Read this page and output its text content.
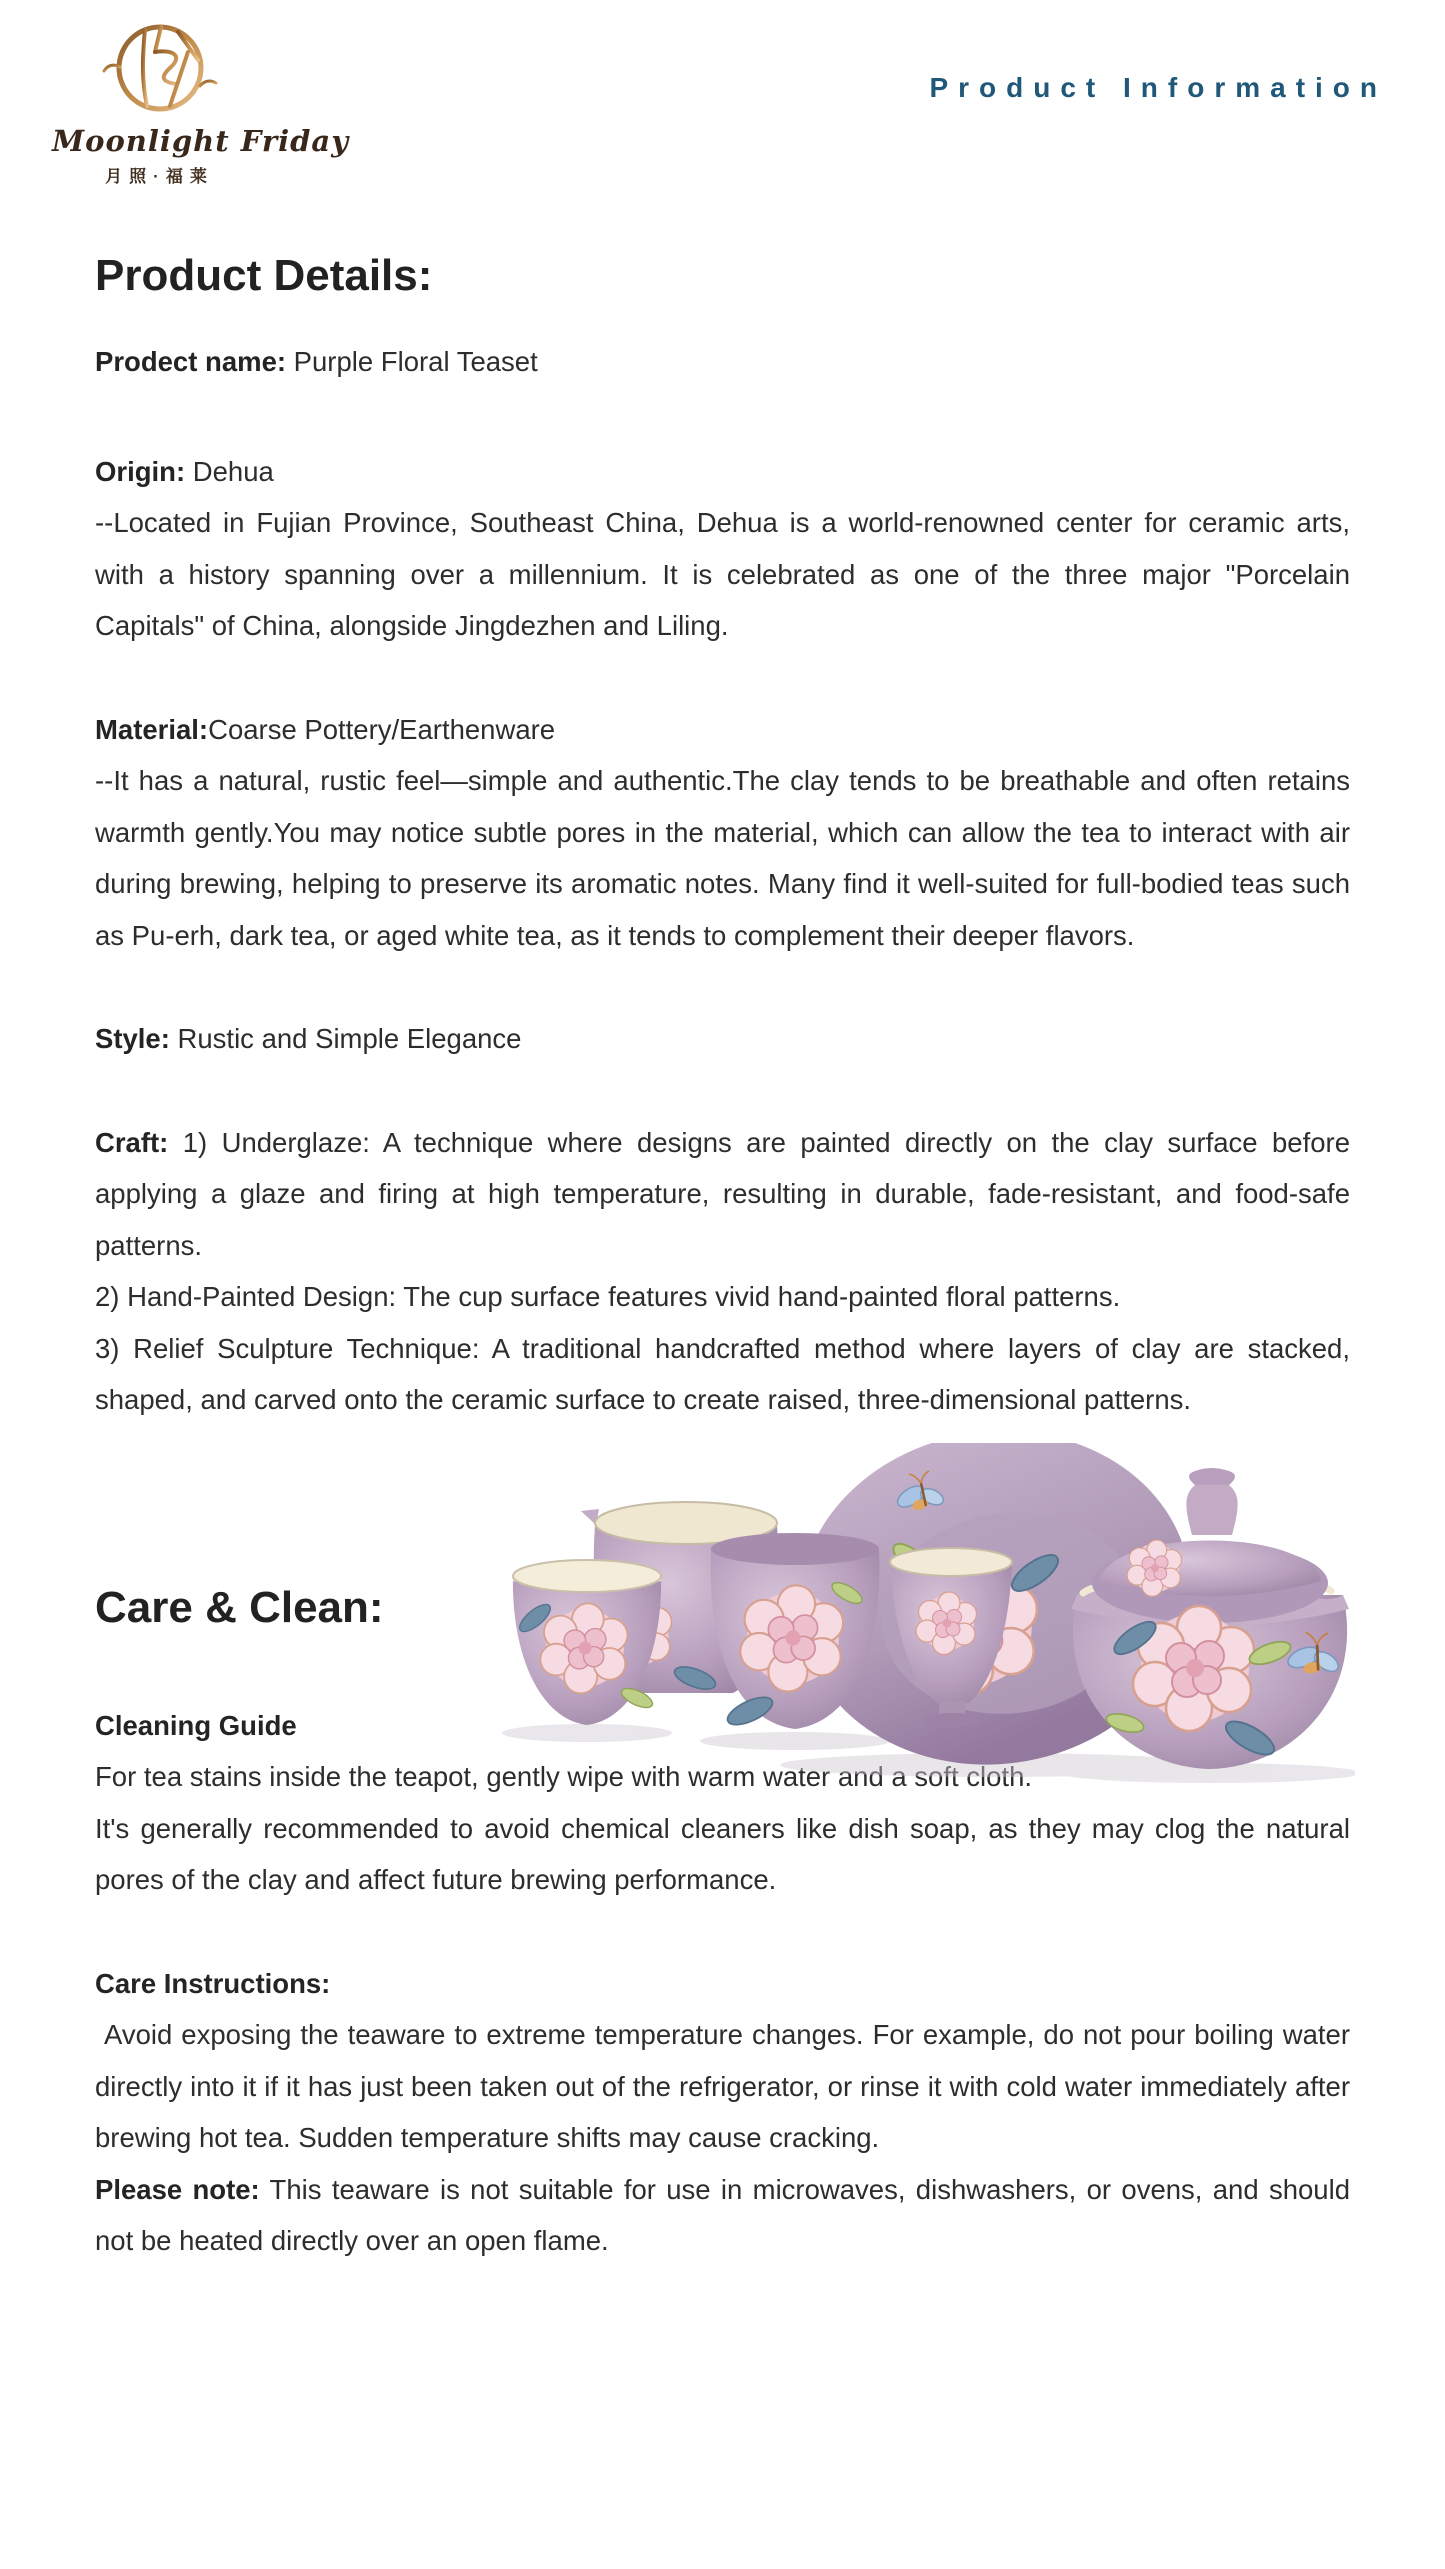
Moonlight Friday
月照·福莱
Product Information
Product Details:

Prodect name: Purple Floral Teaset

Origin: Dehua

--Located in Fujian Province, Southeast China, Dehua is a world-renowned center for ceramic arts, with a history spanning over a millennium. It is celebrated as one of the three major "Porcelain Capitals" of China, alongside Jingdezhen and Liling.

Material:Coarse Pottery/Earthenware

--It has a natural, rustic feel—simple and authentic.The clay tends to be breathable and often retains warmth gently.You may notice subtle pores in the material, which can allow the tea to interact with air during brewing, helping to preserve its aromatic notes. Many find it well-suited for full-bodied teas such as Pu-erh, dark tea, or aged white tea, as it tends to complement their deeper flavors.

Style: Rustic and Simple Elegance

Craft: 1) Underglaze: A technique where designs are painted directly on the clay surface before applying a glaze and firing at high temperature, resulting in durable, fade-resistant, and food-safe patterns.

2) Hand-Painted Design: The cup surface features vivid hand-painted floral patterns.

3) Relief Sculpture Technique: A traditional handcrafted method where layers of clay are stacked, shaped, and carved onto the ceramic surface to create raised, three-dimensional patterns.

Care & Clean:

Cleaning Guide

For tea stains inside the teapot, gently wipe with warm water and a soft cloth.

It's generally recommended to avoid chemical cleaners like dish soap, as they may clog the natural pores of the clay and affect future brewing performance.

Care Instructions:

Avoid exposing the teaware to extreme temperature changes. For example, do not pour boiling water directly into it if it has just been taken out of the refrigerator, or rinse it with cold water immediately after brewing hot tea. Sudden temperature shifts may cause cracking.

Please note: This teaware is not suitable for use in microwaves, dishwashers, or ovens, and should not be heated directly over an open flame.
